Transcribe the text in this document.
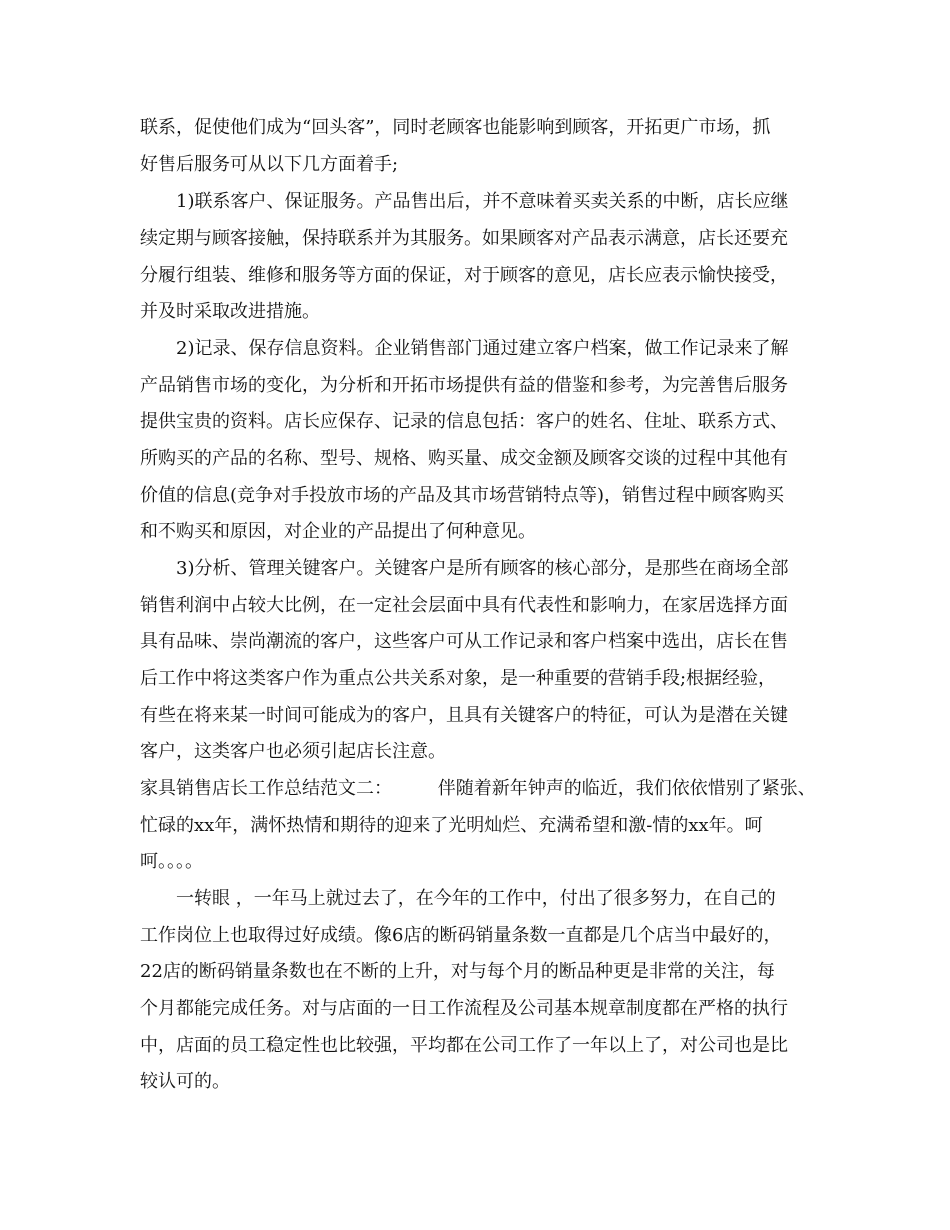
联系，促使他们成为“回头客”，同时老顾客也能影响到顾客，开拓更广市场，抓
好售后服务可从以下几方面着手;
1)联系客户、保证服务。产品售出后，并不意味着买卖关系的中断，店长应继
续定期与顾客接触，保持联系并为其服务。如果顾客对产品表示满意，店长还要充
分履行组装、维修和服务等方面的保证，对于顾客的意见，店长应表示愉快接受，
并及时采取改进措施。
2)记录、保存信息资料。企业销售部门通过建立客户档案，做工作记录来了解
产品销售市场的变化，为分析和开拓市场提供有益的借鉴和参考，为完善售后服务
提供宝贵的资料。店长应保存、记录的信息包括：客户的姓名、住址、联系方式、
所购买的产品的名称、型号、规格、购买量、成交金额及顾客交谈的过程中其他有
价值的信息(竞争对手投放市场的产品及其市场营销特点等)，销售过程中顾客购买
和不购买和原因，对企业的产品提出了何种意见。
3)分析、管理关键客户。关键客户是所有顾客的核心部分，是那些在商场全部
销售利润中占较大比例，在一定社会层面中具有代表性和影响力，在家居选择方面
具有品味、崇尚潮流的客户，这些客户可从工作记录和客户档案中选出，店长在售
后工作中将这类客户作为重点公共关系对象，是一种重要的营销手段;根据经验，
有些在将来某一时间可能成为的客户，且具有关键客户的特征，可认为是潜在关键
客户，这类客户也必须引起店长注意。
家具销售店长工作总结范文二：        伴随着新年钟声的临近，我们依依惜别了紧张、
忙碌的xx年，满怀热情和期待的迎来了光明灿烂、充满希望和激-情的xx年。呵
呵。。。。
一转眼 ，一年马上就过去了，在今年的工作中，付出了很多努力，在自己的
工作岗位上也取得过好成绩。像6店的断码销量条数一直都是几个店当中最好的，
22店的断码销量条数也在不断的上升，对与每个月的断品种更是非常的关注，每
个月都能完成任务。对与店面的一日工作流程及公司基本规章制度都在严格的执行
中，店面的员工稳定性也比较强，平均都在公司工作了一年以上了，对公司也是比
较认可的。
